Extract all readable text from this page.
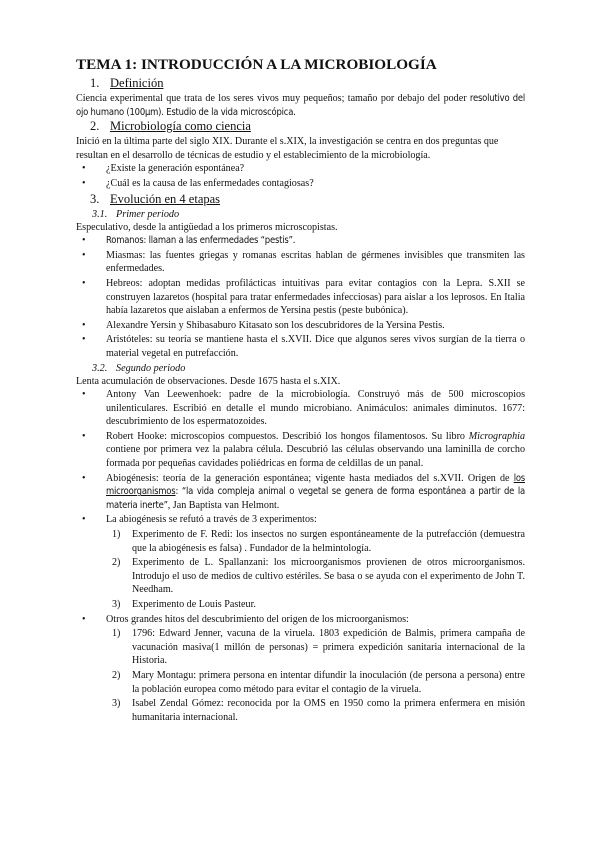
TEMA 1: INTRODUCCIÓN A LA MICROBIOLOGÍA
1. Definición

Ciencia experimental que trata de los seres vivos muy pequeños; tamaño por debajo del poder resolutivo del ojo humano (100μm). Estudio de la vida microscópica.

2. Microbiología como ciencia

Inició en la última parte del siglo XIX. Durante el s.XIX, la investigación se centra en dos preguntas que resultan en el desarrollo de técnicas de estudio y el establecimiento de la microbiología.

• ¿Existe la generación espontánea?
• ¿Cuál es la causa de las enfermedades contagiosas?
3. Evolución en 4 etapas
3.1. Primer periodo

Especulativo, desde la antigüedad a los primeros microscopistas.

• Romanos: llaman a las enfermedades “pestis”.
• Miasmas: las fuentes griegas y romanas escritas hablan de gérmenes invisibles que transmiten las enfermedades.
• Hebreos: adoptan medidas profilácticas intuitivas para evitar contagios con la Lepra. S.XII se construyen lazaretos (hospital para tratar enfermedades infecciosas) para aislar a los leprosos. En Italia había lazaretos que aislaban a enfermos de Yersina pestis (peste bubónica).
• Alexandre Yersin y Shibasaburo Kitasato son los descubridores de la Yersina Pestis.
• Aristóteles: su teoría se mantiene hasta el s.XVII. Dice que algunos seres vivos surgían de la tierra o material vegetal en putrefacción.
3.2. Segundo periodo

Lenta acumulación de observaciones. Desde 1675 hasta el s.XIX.

• Antony Van Leewenhoek: padre de la microbiología. Construyó más de 500 microscopios unilenticulares. Escribió en detalle el mundo microbiano. Animáculos: animales diminutos. 1677: descubrimiento de los espermatozoides.
• Robert Hooke: microscopios compuestos. Describió los hongos filamentosos. Su libro Micrographia contiene por primera vez la palabra célula. Descubrió las células observando una laminilla de corcho formada por pequeñas cavidades poliédricas en forma de celdillas de un panal.
• Abiogénesis: teoría de la generación espontánea; vigente hasta mediados del s.XVII. Origen de los microorganismos: “la vida compleja animal o vegetal se genera de forma espontánea a partir de la materia inerte”, Jan Baptista van Helmont.
• La abiogénesis se refutó a través de 3 experimentos:
1) Experimento de F. Redi: los insectos no surgen espontáneamente de la putrefacción (demuestra que la abiogénesis es falsa) . Fundador de la helmintología.
2) Experimento de L. Spallanzani: los microorganismos provienen de otros microorganismos. Introdujo el uso de medios de cultivo estériles. Se basa o se ayuda con el experimento de John T. Needham.
3) Experimento de Louis Pasteur.
• Otros grandes hitos del descubrimiento del origen de los microorganismos:
1) 1796: Edward Jenner, vacuna de la viruela. 1803 expedición de Balmis, primera campaña de vacunación masiva(1 millón de personas) = primera expedición sanitaria internacional de la Historia.
2) Mary Montagu: primera persona en intentar difundir la inoculación (de persona a persona) entre la población europea como método para evitar el contagio de la viruela.
3) Isabel Zendal Gómez: reconocida por la OMS en 1950 como la primera enfermera en misión humanitaria internacional.
